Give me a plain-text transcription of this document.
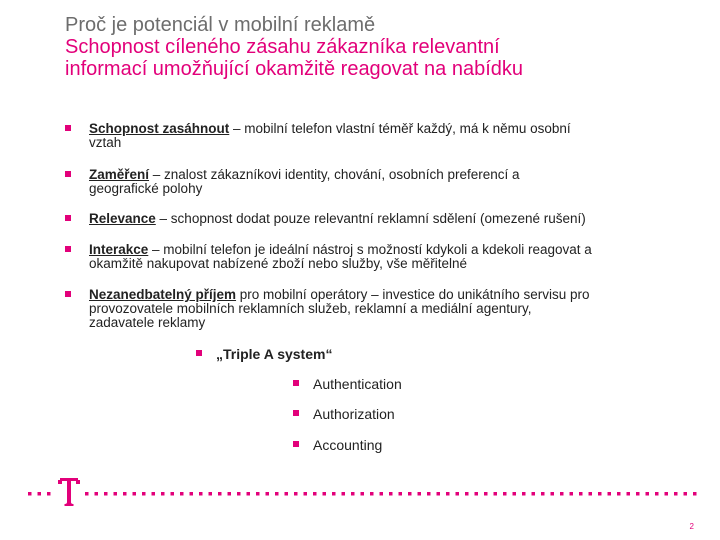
Proč je potenciál v mobilní reklamě
Schopnost cíleného zásahu zákazníka relevantní
informací umožňující okamžitě reagovat na nabídku
Schopnost zasáhnout – mobilní telefon vlastní téměř každý, má k němu osobní
vztah
Zaměření – znalost zákazníkovi identity, chování, osobních preferencí a
geografické polohy
Relevance – schopnost dodat pouze relevantní reklamní sdělení (omezené rušení)
Interakce – mobilní telefon je ideální nástroj s možností kdykoli a kdekoli reagovat a
okamžitě nakupovat nabízené zboží nebo služby, vše měřitelné
Nezanedbatelný příjem pro mobilní operátory – investice do unikátního servisu pro
provozovatele mobilních reklamních služeb, reklamní a mediální agentury,
zadavatele reklamy
„Triple A system“
Authentication
Authorization
Accounting
2
